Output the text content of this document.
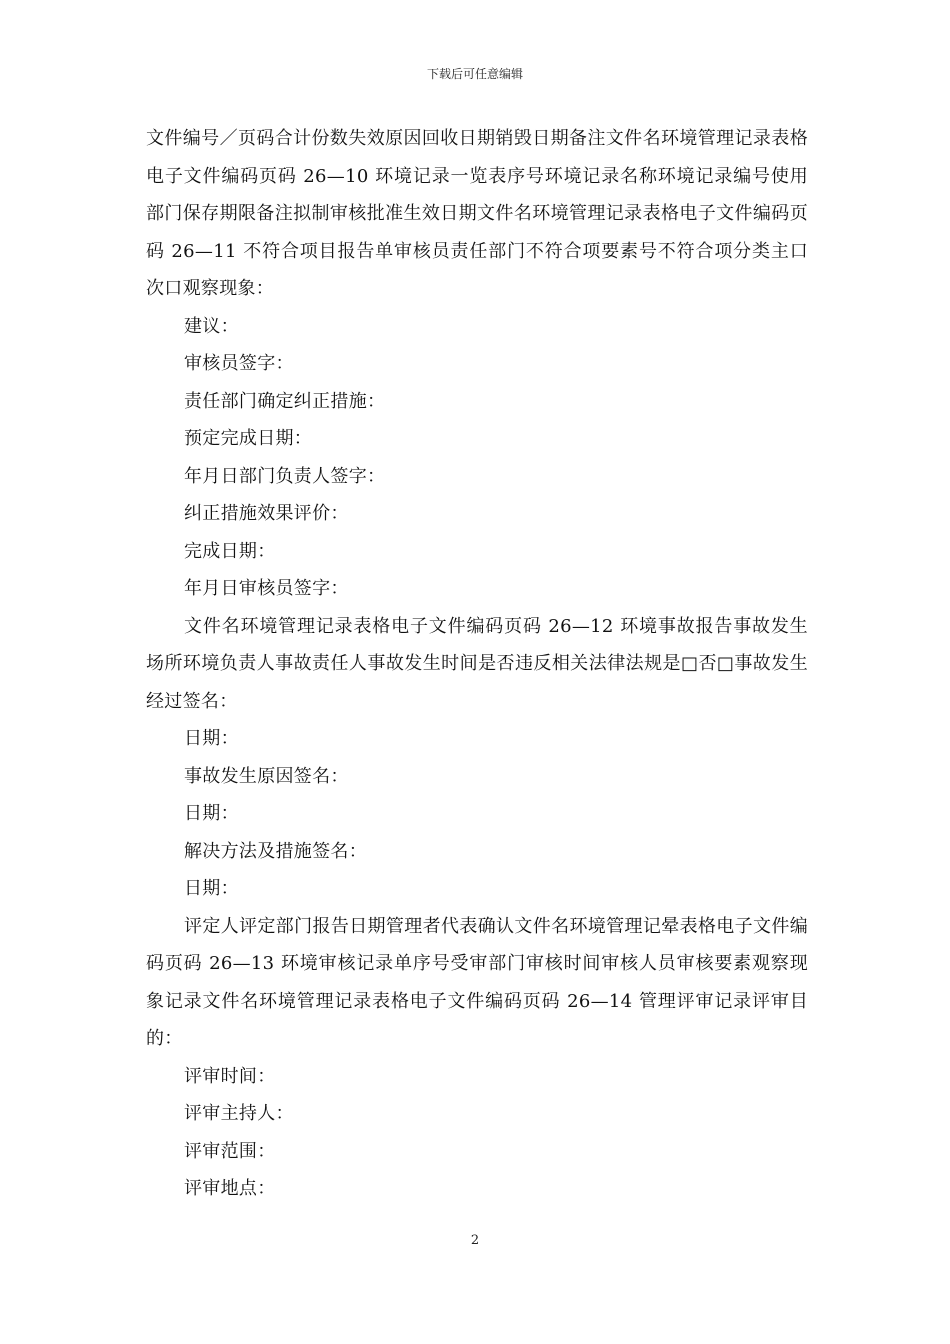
下载后可任意编辑

文件编号／页码合计份数失效原因回收日期销毁日期备注文件名环境管理记录表格电子文件编码页码 26—10 环境记录一览表序号环境记录名称环境记录编号使用部门保存期限备注拟制审核批准生效日期文件名环境管理记录表格电子文件编码页码 26—11 不符合项目报告单审核员责任部门不符合项要素号不符合项分类主口次口观察现象：

建议：

审核员签字：

责任部门确定纠正措施：

预定完成日期：

年月日部门负责人签字：

纠正措施效果评价：

完成日期：

年月日审核员签字：

文件名环境管理记录表格电子文件编码页码 26—12 环境事故报告事故发生场所环境负责人事故责任人事故发生时间是否违反相关法律法规是□否□事故发生经过签名：

日期：

事故发生原因签名：

日期：

解决方法及措施签名：

日期：

评定人评定部门报告日期管理者代表确认文件名环境管理记晕表格电子文件编码页码 26—13 环境审核记录单序号受审部门审核时间审核人员审核要素观察现象记录文件名环境管理记录表格电子文件编码页码 26—14 管理评审记录评审目的：

评审时间：

评审主持人：

评审范围：

评审地点：

2
